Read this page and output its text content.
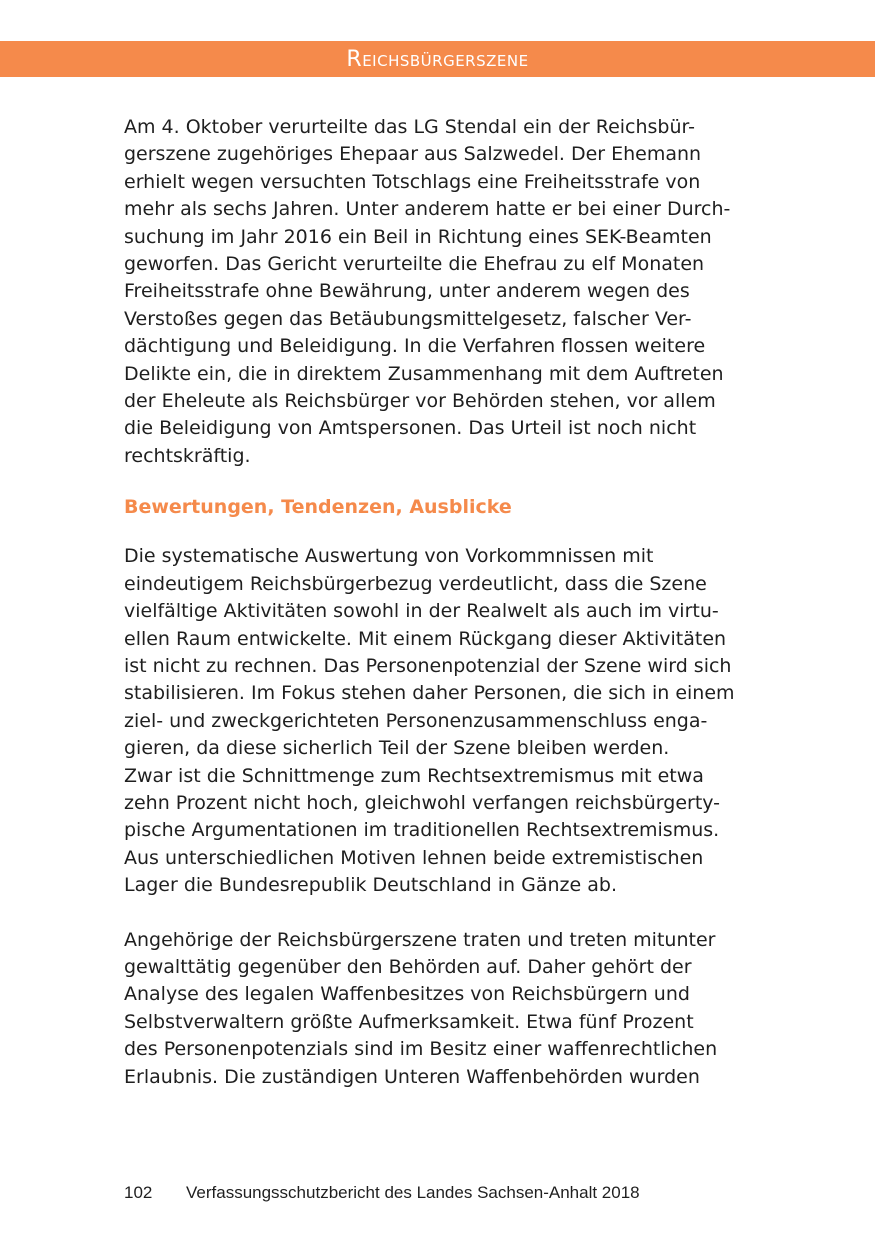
Reichsbürgerszene

Am 4. Oktober verurteilte das LG Stendal ein der Reichsbür-
gerszene zugehöriges Ehepaar aus Salzwedel. Der Ehemann
erhielt wegen versuchten Totschlags eine Freiheitsstrafe von
mehr als sechs Jahren. Unter anderem hatte er bei einer Durch-
suchung im Jahr 2016 ein Beil in Richtung eines SEK-Beamten
geworfen. Das Gericht verurteilte die Ehefrau zu elf Monaten
Freiheitsstrafe ohne Bewährung, unter anderem wegen des
Verstoßes gegen das Betäubungsmittelgesetz, falscher Ver-
dächtigung und Beleidigung. In die Verfahren flossen weitere
Delikte ein, die in direktem Zusammenhang mit dem Auftreten
der Eheleute als Reichsbürger vor Behörden stehen, vor allem
die Beleidigung von Amtspersonen. Das Urteil ist noch nicht
rechtskräftig.

Bewertungen, Tendenzen, Ausblicke

Die systematische Auswertung von Vorkommnissen mit
eindeutigem Reichsbürgerbezug verdeutlicht, dass die Szene
vielfältige Aktivitäten sowohl in der Realwelt als auch im virtu-
ellen Raum entwickelte. Mit einem Rückgang dieser Aktivitäten
ist nicht zu rechnen. Das Personenpotenzial der Szene wird sich
stabilisieren. Im Fokus stehen daher Personen, die sich in einem
ziel- und zweckgerichteten Personenzusammenschluss enga-
gieren, da diese sicherlich Teil der Szene bleiben werden.
Zwar ist die Schnittmenge zum Rechtsextremismus mit etwa
zehn Prozent nicht hoch, gleichwohl verfangen reichsbürgerty-
pische Argumentationen im traditionellen Rechtsextremismus.
Aus unterschiedlichen Motiven lehnen beide extremistischen
Lager die Bundesrepublik Deutschland in Gänze ab.

Angehörige der Reichsbürgerszene traten und treten mitunter
gewalttätig gegenüber den Behörden auf. Daher gehört der
Analyse des legalen Waffenbesitzes von Reichsbürgern und
Selbstverwaltern größte Aufmerksamkeit. Etwa fünf Prozent
des Personenpotenzials sind im Besitz einer waffenrechtlichen
Erlaubnis. Die zuständigen Unteren Waffenbehörden wurden

102 Verfassungsschutzbericht des Landes Sachsen-Anhalt 2018
